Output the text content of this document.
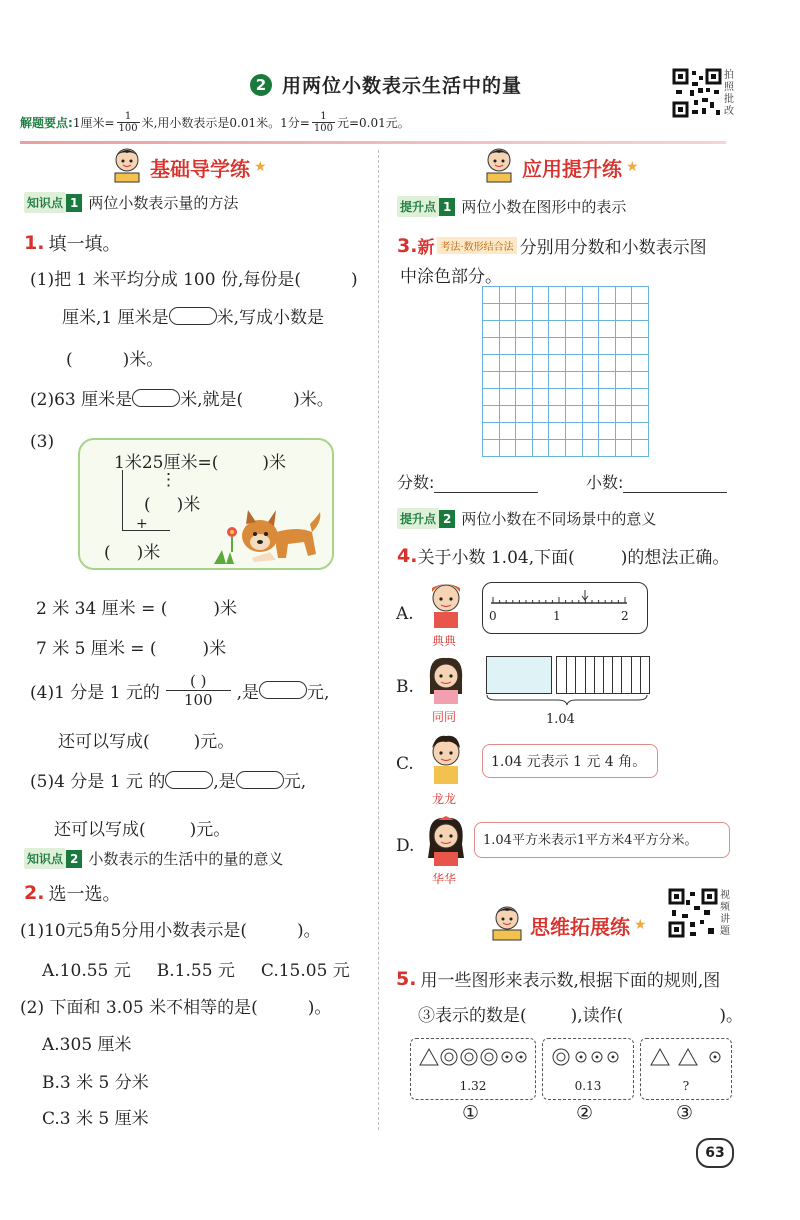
2 用两位小数表示生活中的量	拍照批改
解题要点: 1厘米= $\frac{1}{100}$ 米,用小数表示是0.01米。1分= $\frac{1}{100}$ 元=0.01元。
基础导学练 ★
知识点 1 两位小数表示量的方法
1. 填一填。
(1)把 1 米平均分成 100 份,每份是(	)
厘米,1 厘米是	米,写成小数是
(	)米。
(2)63 厘米是	米,就是(	)米。
(3)
1米25厘米=(	)米
⋮
( )米
+
( )米
2 米 34 厘米 = (	)米
7 米 5 厘米 = (	)米
(4)1 分是 1 元的
( )
100	,是	元,
还可以写成(	)元。
(5)4 分是 1 元 的	,是	元,
还可以写成(	)元。
知识点 2 小数表示的生活中的量的意义
2. 选一选。
(1)10元5角5分用小数表示是(	)。
A.10.55 元 B.1.55 元 C.15.05 元
(2) 下面和 3.05 米不相等的是(	)。
A.305 厘米
B.3 米 5 分米
C.3 米 5 厘米
应用提升练 ★
提升点 1 两位小数在图形中的表示
3. 新 考法·数形结合法 分别用分数和小数表示图
中涂色部分。
分数:	小数:
提升点 2 两位小数在不同场景中的意义
4. 关于小数 1.04,下面(	)的想法正确。
A.
典典
0	1	2
B.
同同	1.04
C.
龙龙
1.04 元表示 1 元 4 角。
D.
华华
1.04平方米表示1平方米4平方分米。
思维拓展练 ★
视频讲题
5. 用一些图形来表示数,根据下面的规则,图
③表示的数是(	),读作(	)。
1.32	0.13	?
①	②	③
63
